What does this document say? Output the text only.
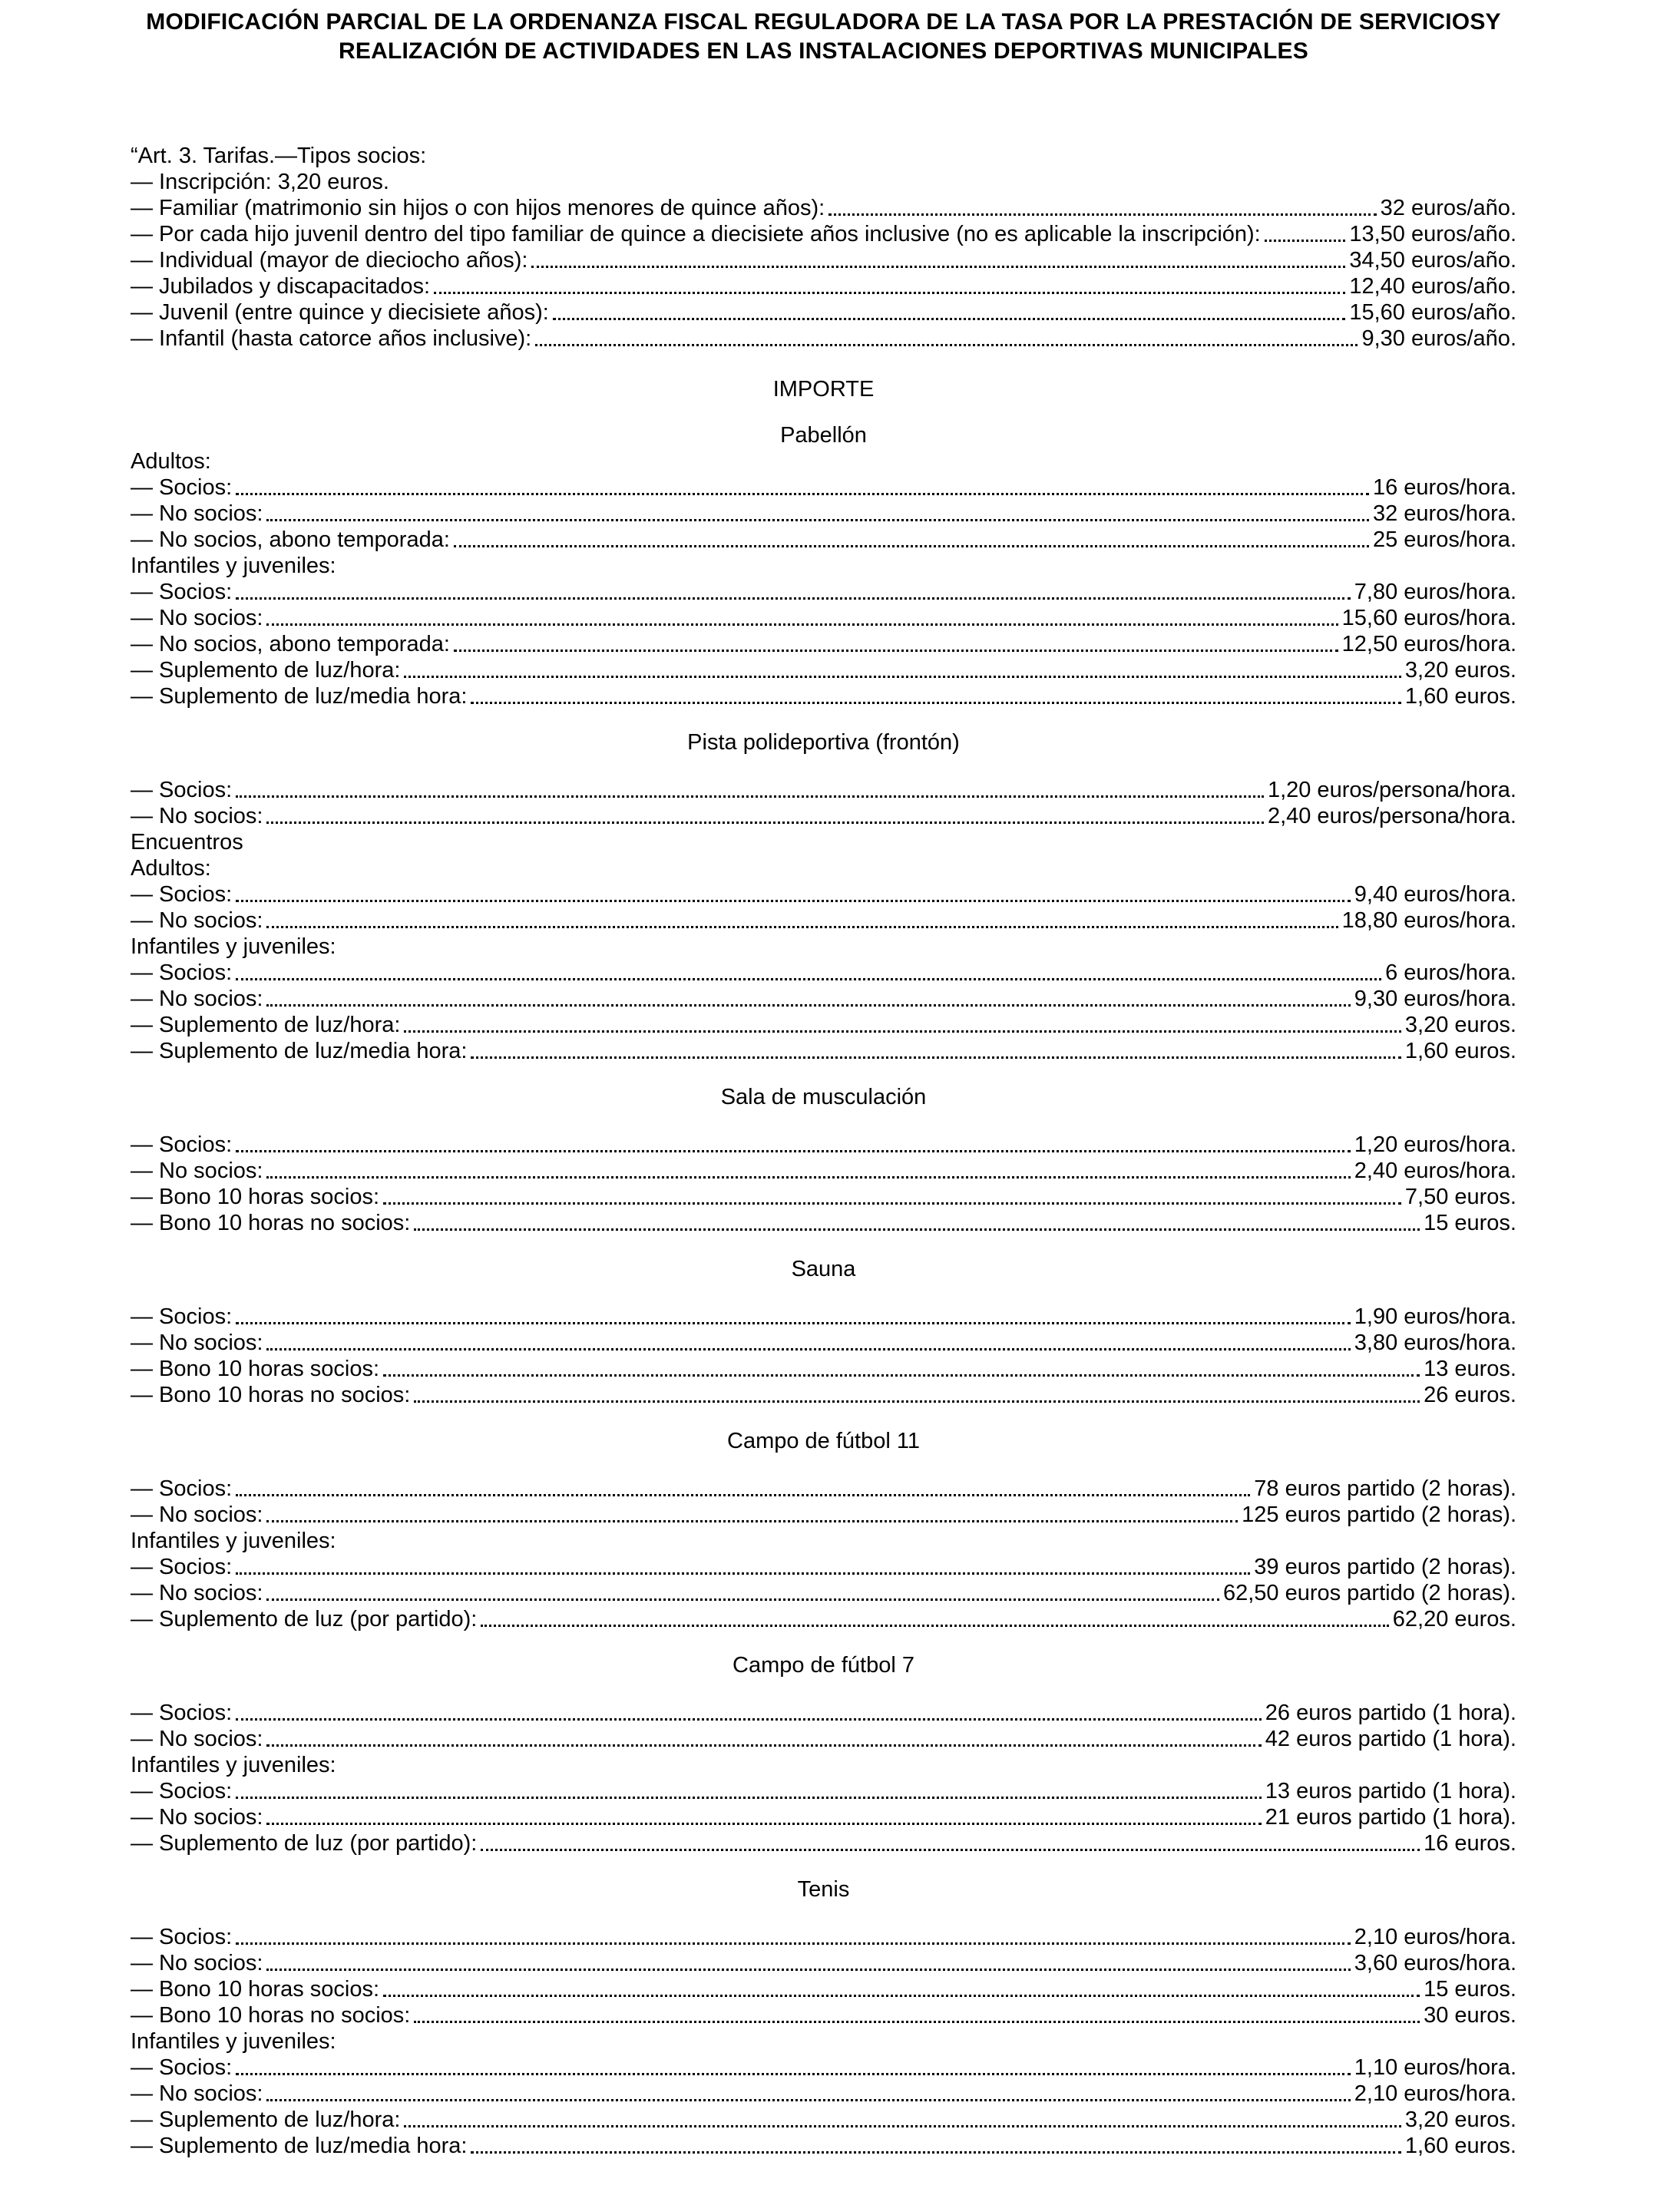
MODIFICACIÓN PARCIAL DE LA ORDENANZA FISCAL REGULADORA DE LA TASA POR LA PRESTACIÓN DE SERVICIOSY
REALIZACIÓN DE ACTIVIDADES EN LAS INSTALACIONES DEPORTIVAS MUNICIPALES
“Art. 3. Tarifas.—Tipos socios:
— Inscripción: 3,20 euros.
— Familiar (matrimonio sin hijos o con hijos menores de quince años):	32 euros/año.
— Por cada hijo juvenil dentro del tipo familiar de quince a diecisiete años inclusive (no es aplicable la inscripción):	13,50 euros/año.
— Individual (mayor de dieciocho años):	34,50 euros/año.
— Jubilados y discapacitados:	12,40 euros/año.
— Juvenil (entre quince y diecisiete años):	15,60 euros/año.
— Infantil (hasta catorce años inclusive):	9,30 euros/año.
IMPORTE
Pabellón
Adultos:
— Socios:	16 euros/hora.
— No socios:	32 euros/hora.
— No socios, abono temporada:	25 euros/hora.
Infantiles y juveniles:
— Socios:	7,80 euros/hora.
— No socios:	15,60 euros/hora.
— No socios, abono temporada:	12,50 euros/hora.
— Suplemento de luz/hora:	3,20 euros.
— Suplemento de luz/media hora:	1,60 euros.
Pista polideportiva (frontón)
— Socios:	1,20 euros/persona/hora.
— No socios:	2,40 euros/persona/hora.
Encuentros
Adultos:
— Socios:	9,40 euros/hora.
— No socios:	18,80 euros/hora.
Infantiles y juveniles:
— Socios:	6 euros/hora.
— No socios:	9,30 euros/hora.
— Suplemento de luz/hora:	3,20 euros.
— Suplemento de luz/media hora:	1,60 euros.
Sala de musculación
— Socios:	1,20 euros/hora.
— No socios:	2,40 euros/hora.
— Bono 10 horas socios:	7,50 euros.
— Bono 10 horas no socios:	15 euros.
Sauna
— Socios:	1,90 euros/hora.
— No socios:	3,80 euros/hora.
— Bono 10 horas socios:	13 euros.
— Bono 10 horas no socios:	26 euros.
Campo de fútbol 11
— Socios:	78 euros partido (2 horas).
— No socios:	125 euros partido (2 horas).
Infantiles y juveniles:
— Socios:	39 euros partido (2 horas).
— No socios:	62,50 euros partido (2 horas).
— Suplemento de luz (por partido):	62,20 euros.
Campo de fútbol 7
— Socios:	26 euros partido (1 hora).
— No socios:	42 euros partido (1 hora).
Infantiles y juveniles:
— Socios:	13 euros partido (1 hora).
— No socios:	21 euros partido (1 hora).
— Suplemento de luz (por partido):	16 euros.
Tenis
— Socios:	2,10 euros/hora.
— No socios:	3,60 euros/hora.
— Bono 10 horas socios:	15 euros.
— Bono 10 horas no socios:	30 euros.
Infantiles y juveniles:
— Socios:	1,10 euros/hora.
— No socios:	2,10 euros/hora.
— Suplemento de luz/hora:	3,20 euros.
— Suplemento de luz/media hora:	1,60 euros.
